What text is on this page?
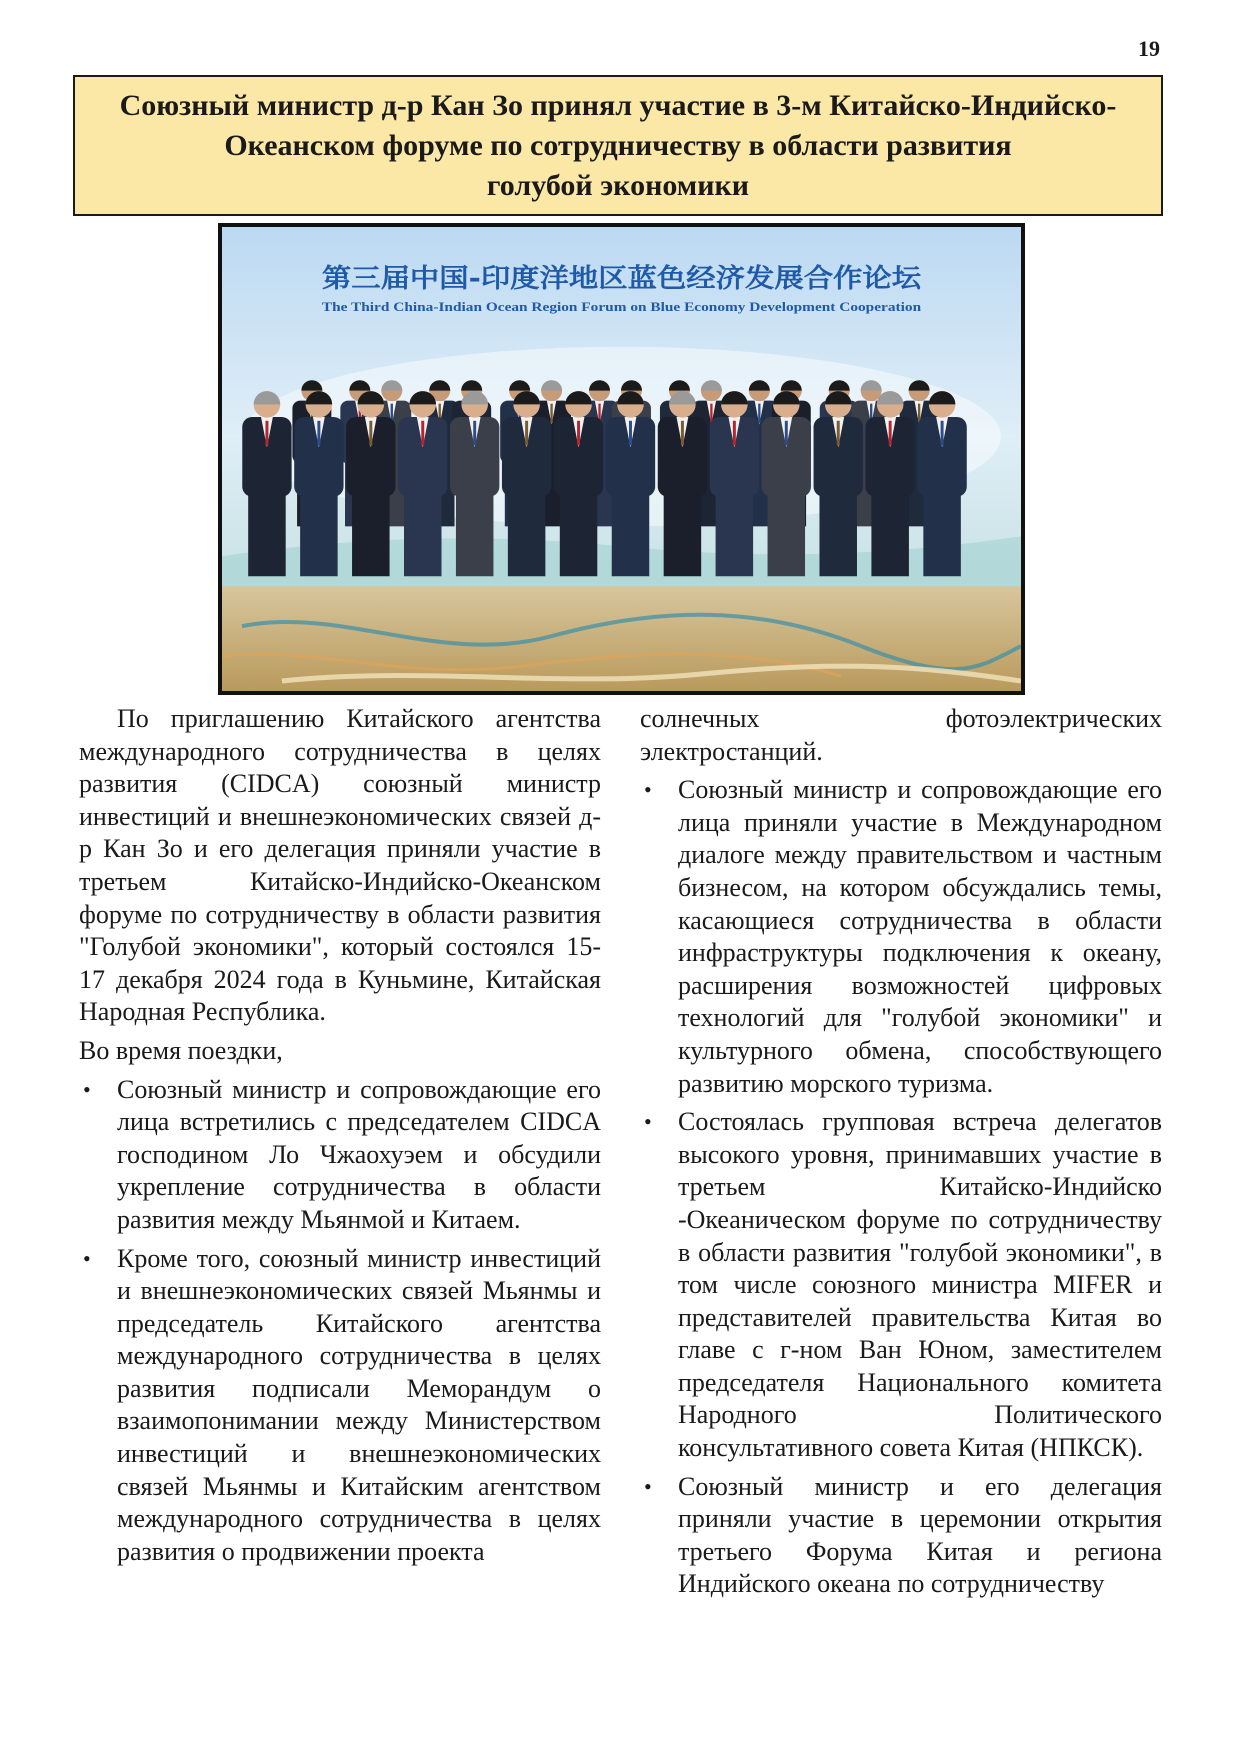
19
Союзный министр д-р Кан Зо принял участие в 3-м Китайско-Индийско-
Океанском форуме по сотрудничеству в области развития
голубой экономики
第三届中国-印度洋地区蓝色经济发展合作论坛
The Third China-Indian Ocean Region Forum on Blue Economy Development Cooperation

По приглашению Китайского агентства международного сотрудничества в целях развития (CIDCA) союзный министр инвестиций и внешнеэкономических связей д-р Кан Зо и его делегация приняли участие в третьем Китайско-Индийско-Океанском форуме по сотрудничеству в области развития "Голубой экономики", который состоялся 15-17 декабря 2024 года в Куньмине, Китайская Народная Республика.

Во время поездки,

• Союзный министр и сопровождающие его лица встретились с председателем CIDCA господином Ло Чжаохуэем и обсудили укрепление сотрудничества в области развития между Мьянмой и Китаем.
• Кроме того, союзный министр инвестиций и внешнеэкономических связей Мьянмы и председатель Китайского агентства международного сотрудничества в целях развития подписали Меморандум о взаимопонимании между Министерством инвестиций и внешнеэкономических связей Мьянмы и Китайским агентством международного сотрудничества в целях развития о продвижении проекта

солнечных фотоэлектрических электростанций.

• Союзный министр и сопровождающие его лица приняли участие в Международном диалоге между правительством и частным бизнесом, на котором обсуждались темы, касающиеся сотрудничества в области инфраструктуры подключения к океану, расширения возможностей цифровых технологий для "голубой экономики" и культурного обмена, способствующего развитию морского туризма.
• Состоялась групповая встреча делегатов высокого уровня, принимавших участие в третьем Китайско-Индийско -Океаническом форуме по сотрудничеству в области развития "голубой экономики", в том числе союзного министра MIFER и представителей правительства Китая во главе с г-ном Ван Юном, заместителем председателя Национального комитета Народного Политического консультативного совета Китая (НПКСК).
• Союзный министр и его делегация приняли участие в церемонии открытия третьего Форума Китая и региона Индийского океана по сотрудничеству
